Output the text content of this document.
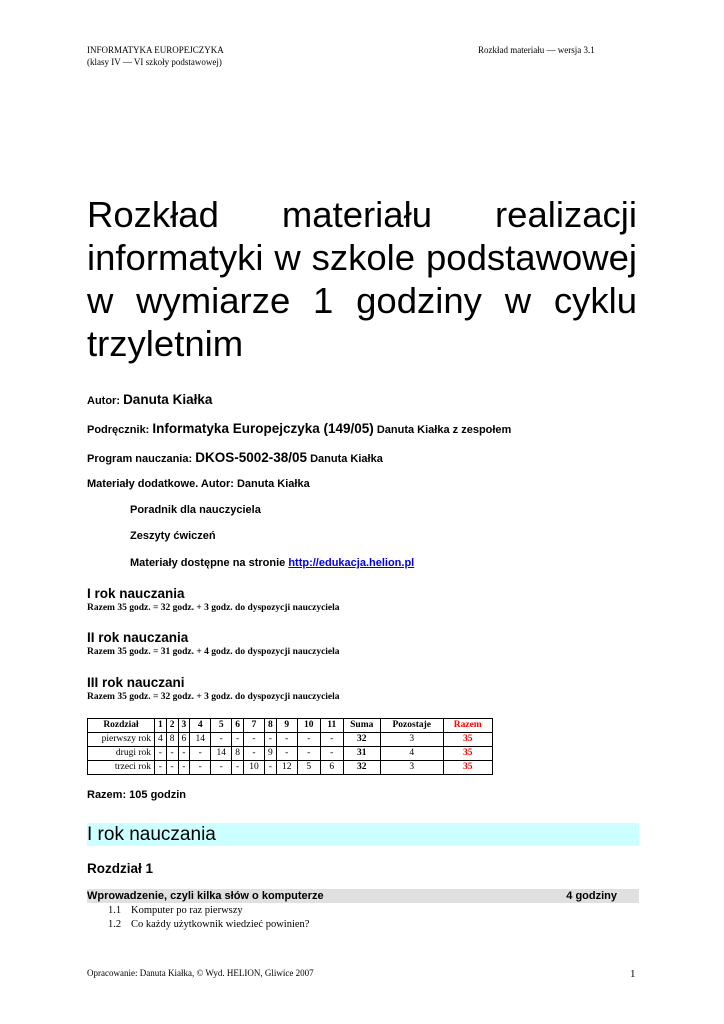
INFORMATYKA EUROPEJCZYKA
(klasy IV — VI szkoły podstawowej)
Rozkład materiału — wersja 3.1
Rozkład materiału realizacji informatyki w szkole podstawowej w wymiarze 1 godziny w cyklu trzyletnim
Autor: Danuta Kiałka
Podręcznik: Informatyka Europejczyka (149/05) Danuta Kiałka z zespołem
Program nauczania: DKOS-5002-38/05 Danuta Kiałka
Materiały dodatkowe. Autor: Danuta Kiałka
Poradnik dla nauczyciela
Zeszyty ćwiczeń
Materiały dostępne na stronie http://edukacja.helion.pl
I rok nauczania
Razem 35 godz. = 32 godz. + 3 godz. do dyspozycji nauczyciela
II rok nauczania
Razem 35 godz. = 31 godz. + 4 godz. do dyspozycji nauczyciela
III rok nauczani
Razem 35 godz. = 32 godz. + 3 godz. do dyspozycji nauczyciela
Rozdział	1	2	3	4	5	6	7	8	9	10	11	Suma	Pozostaje	Razem
pierwszy rok	4	8	6	14	-	-	-	-	-	-	-	32	3	35
drugi rok	-	-	-	-	14	8	-	9	-	-	-	31	4	35
trzeci rok	-	-	-	-	-	-	10	-	12	5	6	32	3	35
Razem: 105 godzin
I rok nauczania
Rozdział 1
Wprowadzenie, czyli kilka słów o komputerze	4 godziny
1.1 Komputer po raz pierwszy
1.2 Co każdy użytkownik wiedzieć powinien?
Opracowanie: Danuta Kiałka, © Wyd. HELION, Gliwice 2007	1
